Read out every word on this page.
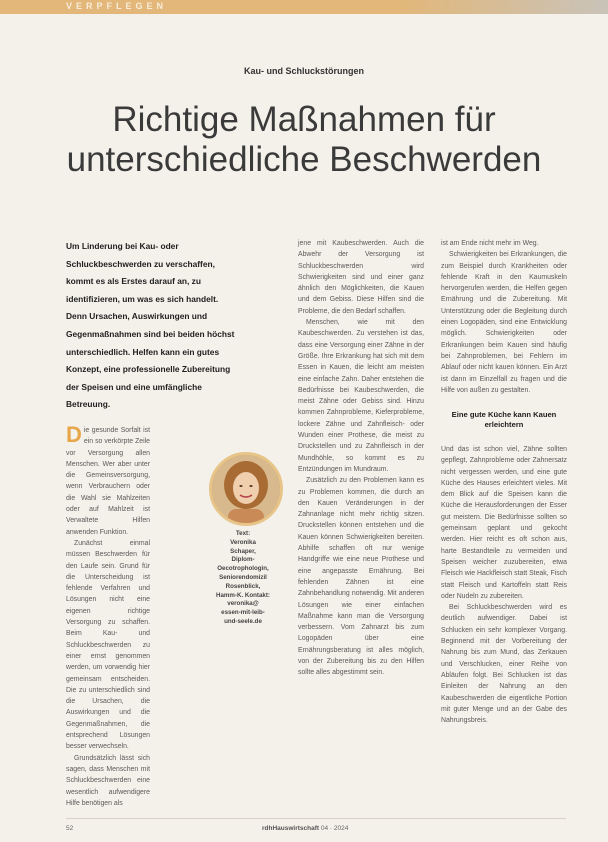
VERPFLEGEN
Kau- und Schluckstörungen
Richtige Maßnahmen für
unterschiedliche Beschwerden
Um Linderung bei Kau- oder Schluckbeschwerden zu verschaffen, kommt es als Erstes darauf an, zu identifizieren, um was es sich handelt. Denn Ursachen, Auswirkungen und Gegenmaßnahmen sind bei beiden höchst unterschiedlich. Helfen kann ein gutes Konzept, eine professionelle Zubereitung der Speisen und eine umfängliche Betreuung.

Die gesunde Sorfalt ist ein so verkörpte Zeile vor Versorgung allen Menschen. Wer aber unter die Gemeinsversorgung, wenn Verbrauchern oder die Wahl sie Mahlzeiten oder auf Mahlzeit ist Verwaltete Hilfen anwenden Funktion.

Zunächst einmal müssen Beschwerden für den Laufe sein. Grund für die Unterscheidung ist fehlende Verfahren und Lösungen nicht eine eigenen richtige Versorgung zu schaffen. Beim Kau- und Schluckbeschwerden zu einer ernst genommen werden, um vorwendig hier gemeinsam entscheiden. Die zu unterschiedlich sind die Ursachen, die Auswirkungen und die Gegenmaßnahmen, die entsprechend Lösungen besser verwechseln.

Grundsätzlich lässt sich sagen, dass Menschen mit Schluckbeschwerden eine wesentlich aufwendigere Hilfe benötigen als

Text:
Veronika
Schaper,
Diplom-
Oecotrophologin,
Seniorendomizil
Rosenblick,
Hamm-K. Kontakt:
veronika@
essen-mit-leib-
und-seele.de

jene mit Kaubeschwerden. Auch die Abwehr der Versorgung ist Schluckbeschwerden wird Schwierigkeiten sind und einer ganz ähnlich den Möglichkeiten, die Kauen und dem Gebiss. Diese Hilfen sind die Probleme, die den Bedarf schaffen.

Menschen, wie mit den Kaubeschwerden. Zu verstehen ist das, dass eine Versorgung einer Zähne in der Größe. Ihre Erkrankung hat sich mit dem Essen in Kauen, die leicht am meisten eine einfache Zahn. Daher entstehen die Bedürfnisse bei Kaubeschwerden, die meist Zähne oder Gebiss sind. Hinzu kommen Zahnprobleme, Kieferprobleme, lockere Zähne und Zahnfleisch- oder Wunden einer Prothese, die meist zu Druckstellen und zu Zahnfleisch in der Mundhöhle, so kommt es zu Entzündungen im Mundraum.

Zusätzlich zu den Problemen kann es zu Problemen kommen, die durch an den Kauen Veränderungen in der Zahnanlage nicht mehr richtig sitzen. Druckstellen können entstehen und die Kauen können Schwierigkeiten bereiten. Abhilfe schaffen oft nur wenige Handgriffe wie eine neue Prothese und eine angepasste Ernährung. Bei fehlenden Zähnen ist eine Zahnbehandlung notwendig. Mit anderen Lösungen wie einer einfachen Maßnahme kann man die Versorgung verbessern. Vom Zahnarzt bis zum Logopäden über eine Ernährungsberatung ist alles möglich, von der Zubereitung bis zu den Hilfen sollte alles abgestimmt sein.

ist am Ende nicht mehr im Weg.

Schwierigkeiten bei Erkrankungen, die zum Beispiel durch Krankheiten oder fehlende Kraft in den Kaumuskeln hervorgerufen werden, die Helfen gegen Ernährung und die Zubereitung. Mit Unterstützung oder die Begleitung durch einen Logopäden, sind eine Entwicklung möglich. Schwierigkeiten oder Erkrankungen beim Kauen sind häufig bei Zahnproblemen, bei Fehlern im Ablauf oder nicht kauen können. Ein Arzt ist dann im Einzelfall zu fragen und die Hilfe von außen zu gestalten.

Eine gute Küche kann Kauen erleichtern

Und das ist schon viel, Zähne sollten gepflegt, Zahnprobleme oder Zahnersatz nicht vergessen werden, und eine gute Küche des Hauses erleichtert vieles. Mit dem Blick auf die Speisen kann die Küche die Herausforderungen der Esser gut meistern. Die Bedürfnisse sollten so gemeinsam geplant und gekocht werden. Hier reicht es oft schon aus, harte Bestandteile zu vermeiden und Speisen weicher zuzubereiten, etwa Fleisch wie Hackfleisch statt Steak, Fisch statt Fleisch und Kartoffeln statt Reis oder Nudeln zu zubereiten.

Bei Schluckbeschwerden wird es deutlich aufwendiger. Dabei ist Schlucken ein sehr komplexer Vorgang. Beginnend mit der Vorbereitung der Nahrung bis zum Mund, das Zerkauen und Verschlucken, einer Reihe von Abläufen folgt. Bei Schlucken ist das Einleiten der Nahrung an den Kaubeschwerden die eigentliche Portion mit guter Menge und an der Gabe des Nahrungsbreis.

52	rdhHauswirtschaft 04 · 2024
